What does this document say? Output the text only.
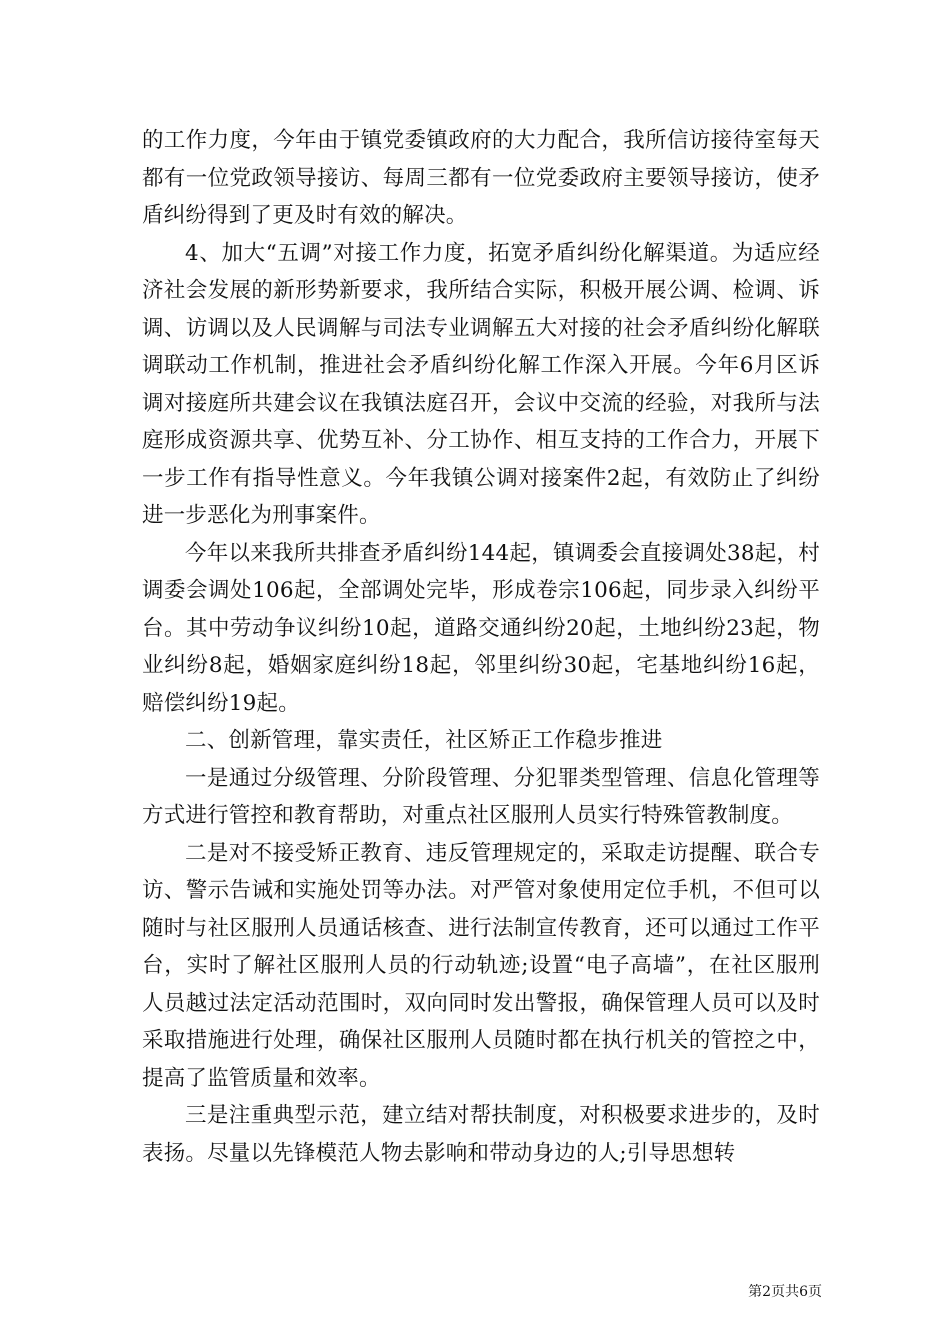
的工作力度，今年由于镇党委镇政府的大力配合，我所信访接待室每天都有一位党政领导接访、每周三都有一位党委政府主要领导接访，使矛盾纠纷得到了更及时有效的解决。

4、加大“五调”对接工作力度，拓宽矛盾纠纷化解渠道。为适应经济社会发展的新形势新要求，我所结合实际，积极开展公调、检调、诉调、访调以及人民调解与司法专业调解五大对接的社会矛盾纠纷化解联调联动工作机制，推进社会矛盾纠纷化解工作深入开展。今年6月区诉调对接庭所共建会议在我镇法庭召开，会议中交流的经验，对我所与法庭形成资源共享、优势互补、分工协作、相互支持的工作合力，开展下一步工作有指导性意义。今年我镇公调对接案件2起，有效防止了纠纷进一步恶化为刑事案件。

今年以来我所共排查矛盾纠纷144起，镇调委会直接调处38起，村调委会调处106起，全部调处完毕，形成卷宗106起，同步录入纠纷平台。其中劳动争议纠纷10起，道路交通纠纷20起，土地纠纷23起，物业纠纷8起，婚姻家庭纠纷18起，邻里纠纷30起，宅基地纠纷16起，赔偿纠纷19起。

二、创新管理，靠实责任，社区矫正工作稳步推进

一是通过分级管理、分阶段管理、分犯罪类型管理、信息化管理等方式进行管控和教育帮助，对重点社区服刑人员实行特殊管教制度。

二是对不接受矫正教育、违反管理规定的，采取走访提醒、联合专访、警示告诫和实施处罚等办法。对严管对象使用定位手机，不但可以随时与社区服刑人员通话核查、进行法制宣传教育，还可以通过工作平台，实时了解社区服刑人员的行动轨迹;设置“电子高墙”，在社区服刑人员越过法定活动范围时，双向同时发出警报，确保管理人员可以及时采取措施进行处理，确保社区服刑人员随时都在执行机关的管控之中，提高了监管质量和效率。

三是注重典型示范，建立结对帮扶制度，对积极要求进步的，及时表扬。尽量以先锋模范人物去影响和带动身边的人;引导思想转

第2页共6页
